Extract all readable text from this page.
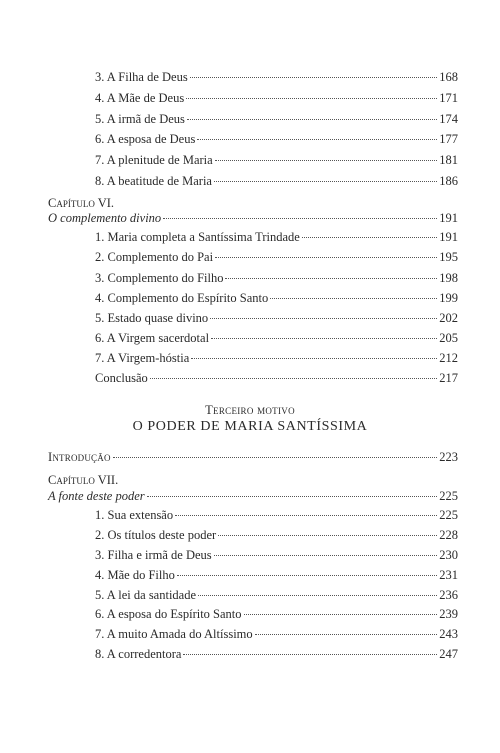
3. A Filha de Deus	168
4. A Mãe de Deus	171
5. A irmã de Deus	174
6. A esposa de Deus	177
7. A plenitude de Maria	181
8. A beatitude de Maria	186
Capítulo VI.
O complemento divino	191
1. Maria completa a Santíssima Trindade	191
2. Complemento do Pai	195
3. Complemento do Filho	198
4. Complemento do Espírito Santo	199
5. Estado quase divino	202
6. A Virgem sacerdotal	205
7. A Virgem-hóstia	212
Conclusão	217
Terceiro motivo
O PODER DE MARIA SANTÍSSIMA
Introdução	223
Capítulo VII.
A fonte deste poder	225
1. Sua extensão	225
2. Os títulos deste poder	228
3. Filha e irmã de Deus	230
4. Mãe do Filho	231
5. A lei da santidade	236
6. A esposa do Espírito Santo	239
7. A muito Amada do Altíssimo	243
8. A corredentora	247
